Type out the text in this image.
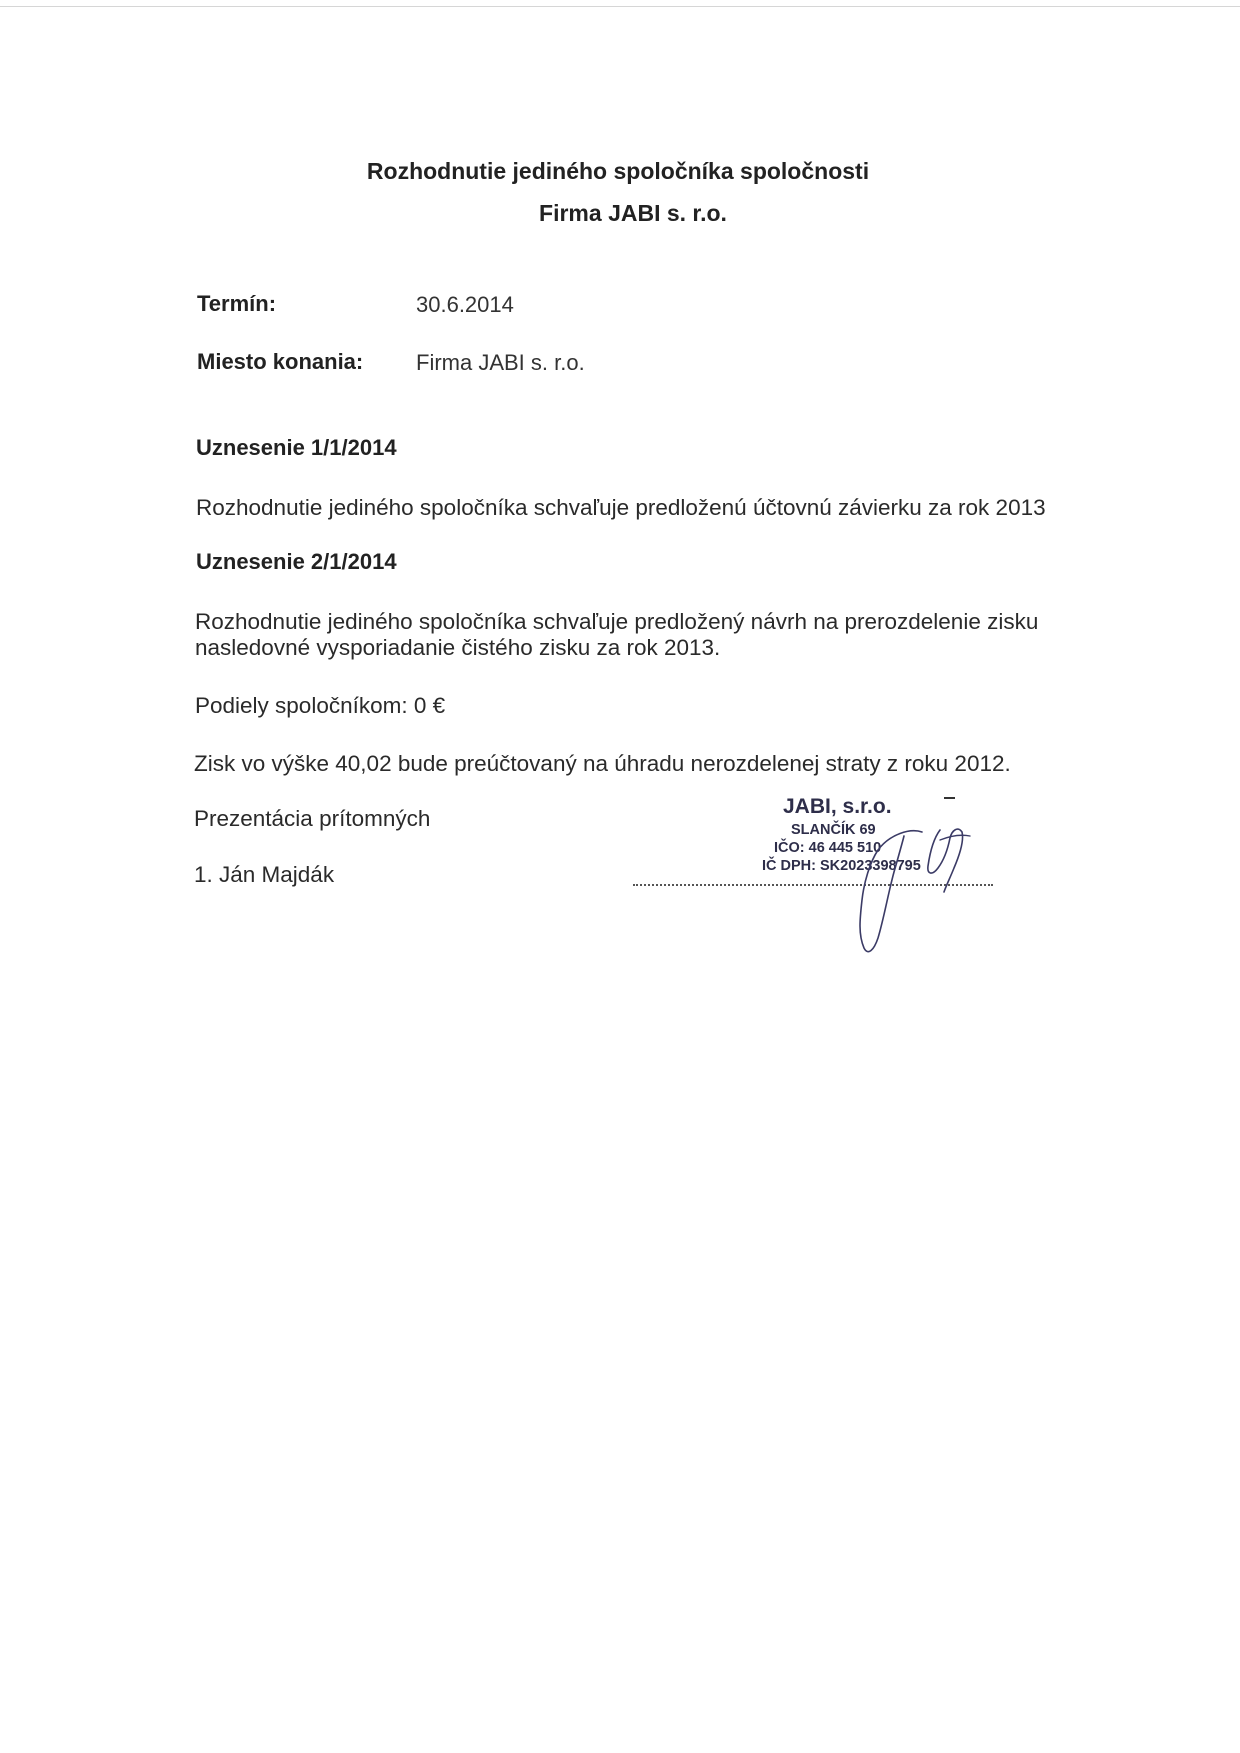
Rozhodnutie jediného spoločníka spoločnosti
Firma JABI s. r.o.
Termín:	30.6.2014
Miesto konania: Firma JABI s. r.o.
Uznesenie 1/1/2014
Rozhodnutie jediného spoločníka schvaľuje predloženú účtovnú závierku za rok 2013
Uznesenie 2/1/2014
Rozhodnutie jediného spoločníka schvaľuje predložený návrh na prerozdelenie zisku
nasledovné vysporiadanie čistého zisku za rok 2013.
Podiely spoločníkom: 0 €
Zisk vo výške 40,02 bude preúčtovaný na úhradu nerozdelenej straty z roku 2012.
Prezentácia prítomných
1. Ján Majdák
JABI, s.r.o.
SLANČÍK 69
IČO: 46 445 510
IČ DPH: SK2023398795
